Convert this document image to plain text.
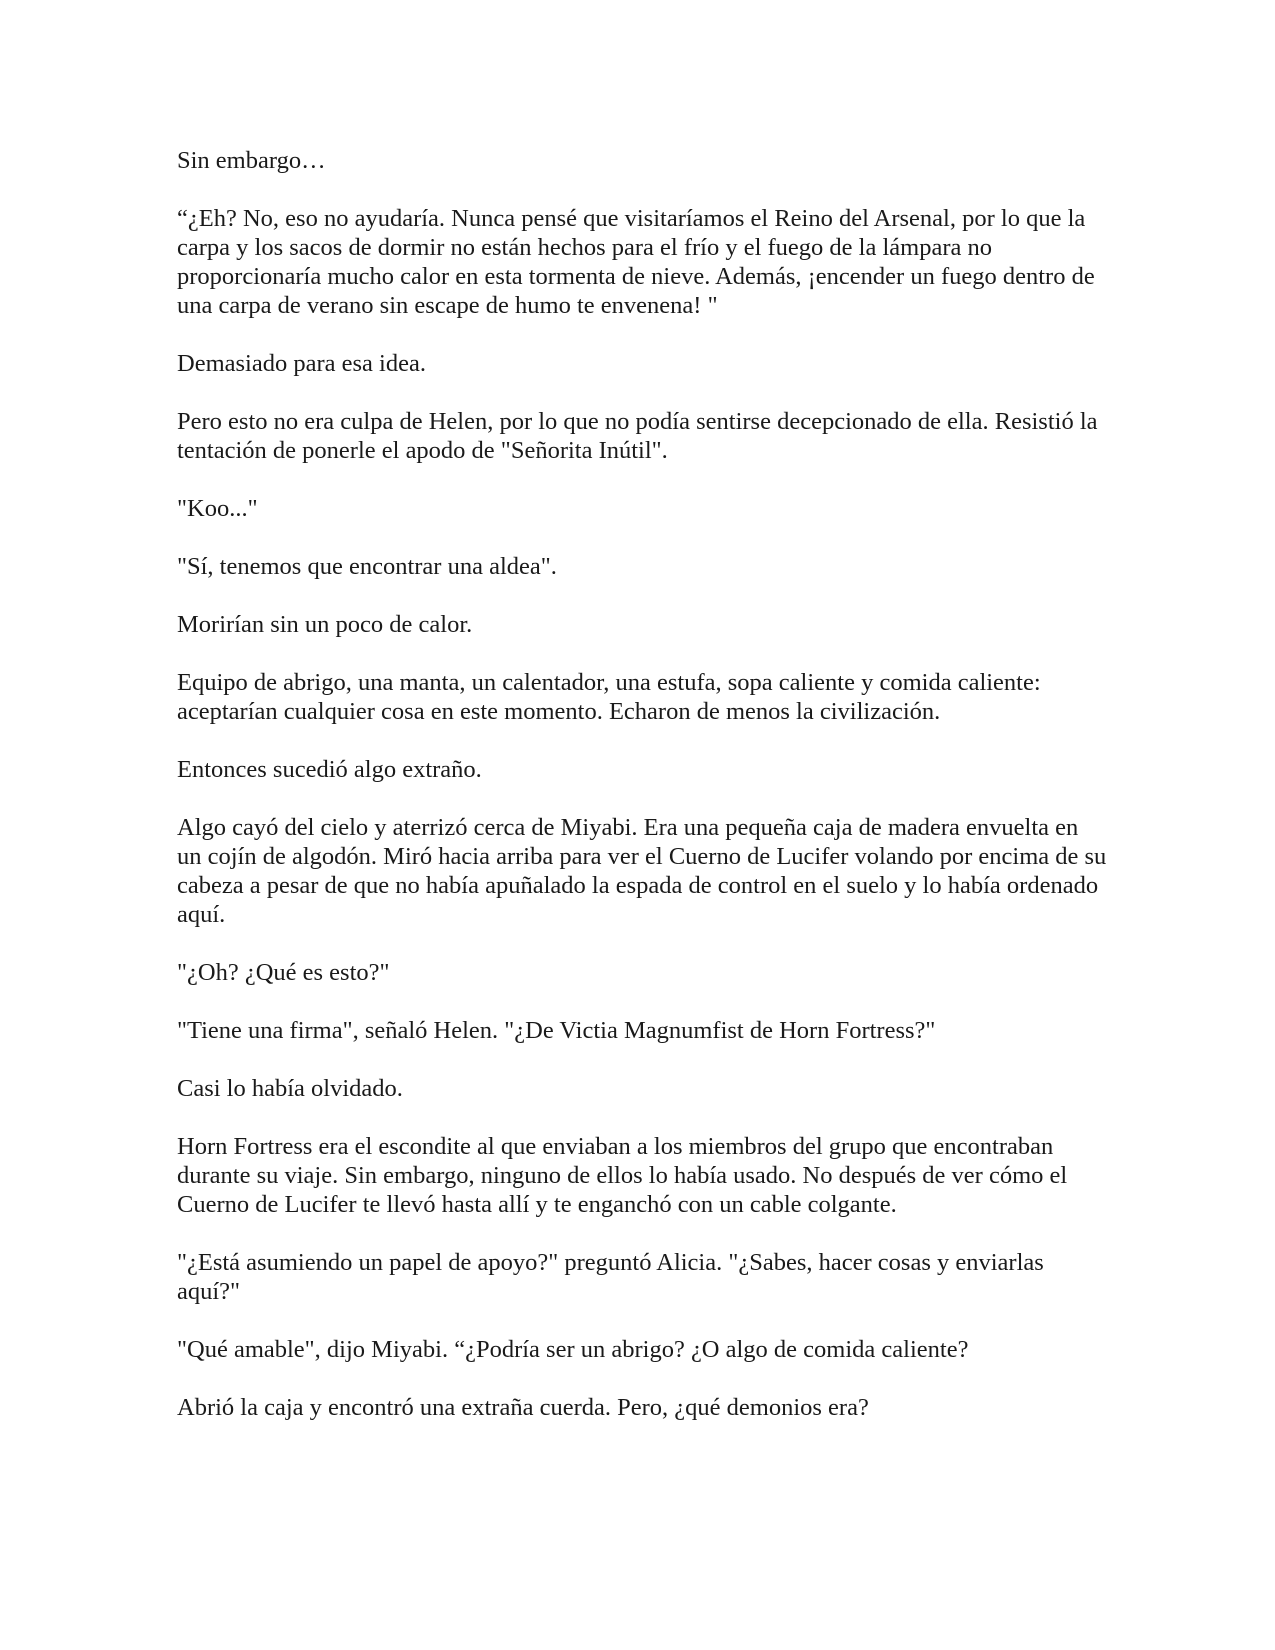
Sin embargo…

“¿Eh? No, eso no ayudaría. Nunca pensé que visitaríamos el Reino del Arsenal, por lo que la carpa y los sacos de dormir no están hechos para el frío y el fuego de la lámpara no proporcionaría mucho calor en esta tormenta de nieve. Además, ¡encender un fuego dentro de una carpa de verano sin escape de humo te envenena! "

Demasiado para esa idea.

Pero esto no era culpa de Helen, por lo que no podía sentirse decepcionado de ella. Resistió la tentación de ponerle el apodo de "Señorita Inútil".

"Koo..."

"Sí, tenemos que encontrar una aldea".

Morirían sin un poco de calor.

Equipo de abrigo, una manta, un calentador, una estufa, sopa caliente y comida caliente: aceptarían cualquier cosa en este momento. Echaron de menos la civilización.

Entonces sucedió algo extraño.

Algo cayó del cielo y aterrizó cerca de Miyabi. Era una pequeña caja de madera envuelta en un cojín de algodón. Miró hacia arriba para ver el Cuerno de Lucifer volando por encima de su cabeza a pesar de que no había apuñalado la espada de control en el suelo y lo había ordenado aquí.

"¿Oh? ¿Qué es esto?"

"Tiene una firma", señaló Helen. "¿De Victia Magnumfist de Horn Fortress?"

Casi lo había olvidado.

Horn Fortress era el escondite al que enviaban a los miembros del grupo que encontraban durante su viaje. Sin embargo, ninguno de ellos lo había usado. No después de ver cómo el Cuerno de Lucifer te llevó hasta allí y te enganchó con un cable colgante.

"¿Está asumiendo un papel de apoyo?" preguntó Alicia. "¿Sabes, hacer cosas y enviarlas aquí?"

"Qué amable", dijo Miyabi. “¿Podría ser un abrigo? ¿O algo de comida caliente?

Abrió la caja y encontró una extraña cuerda. Pero, ¿qué demonios era?
